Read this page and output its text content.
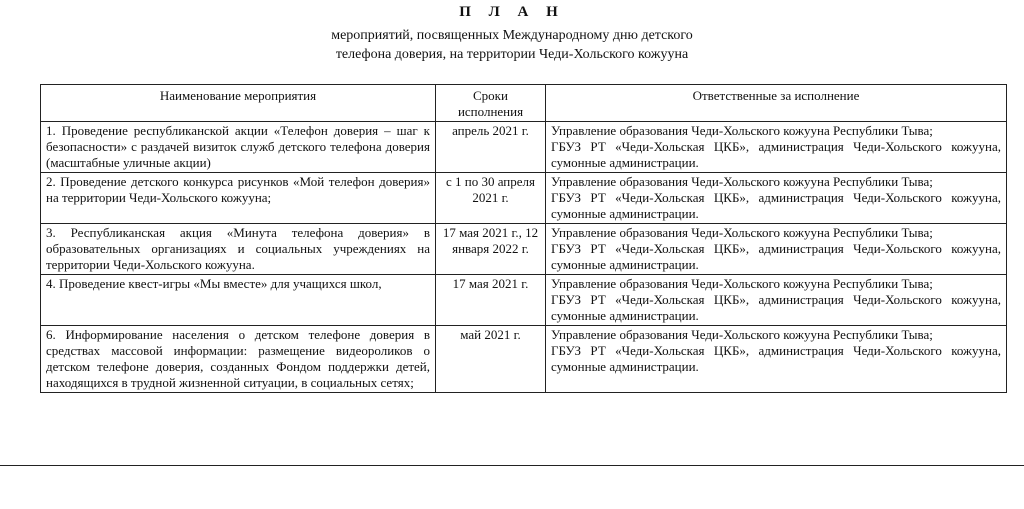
П Л А Н
мероприятий, посвященных Международному дню детского
телефона доверия, на территории Чеди-Хольского кожууна
Наименование мероприятия	Сроки исполнения	Ответственные за исполнение
1. Проведение республиканской акции «Телефон доверия – шаг к безопасности» с раздачей визиток служб детского телефона доверия (масштабные уличные акции)	апрель 2021 г.	Управление образования Чеди-Хольского кожууна Республики Тыва;

ГБУЗ РТ «Чеди-Хольская ЦКБ», администрация Чеди-Хольского кожууна, сумонные администрации.

2. Проведение детского конкурса рисунков «Мой телефон доверия» на территории Чеди-Хольского кожууна;	с 1 по 30 апреля 2021 г.	Управление образования Чеди-Хольского кожууна Республики Тыва;

ГБУЗ РТ «Чеди-Хольская ЦКБ», администрация Чеди-Хольского кожууна, сумонные администрации.

3. Республиканская акция «Минута телефона доверия» в образовательных организациях и социальных учреждениях на территории Чеди-Хольского кожууна.	17 мая 2021 г., 12 января 2022 г.	Управление образования Чеди-Хольского кожууна Республики Тыва;

ГБУЗ РТ «Чеди-Хольская ЦКБ», администрация Чеди-Хольского кожууна, сумонные администрации.

4. Проведение квест-игры «Мы вместе» для учащихся школ,	17 мая 2021 г.	Управление образования Чеди-Хольского кожууна Республики Тыва;

ГБУЗ РТ «Чеди-Хольская ЦКБ», администрация Чеди-Хольского кожууна, сумонные администрации.

6. Информирование населения о детском телефоне доверия в средствах массовой информации: размещение видеороликов о детском телефоне доверия, созданных Фондом поддержки детей, находящихся в трудной жизненной ситуации, в социальных сетях;	май 2021 г.	Управление образования Чеди-Хольского кожууна Республики Тыва;

ГБУЗ РТ «Чеди-Хольская ЦКБ», администрация Чеди-Хольского кожууна, сумонные администрации.
